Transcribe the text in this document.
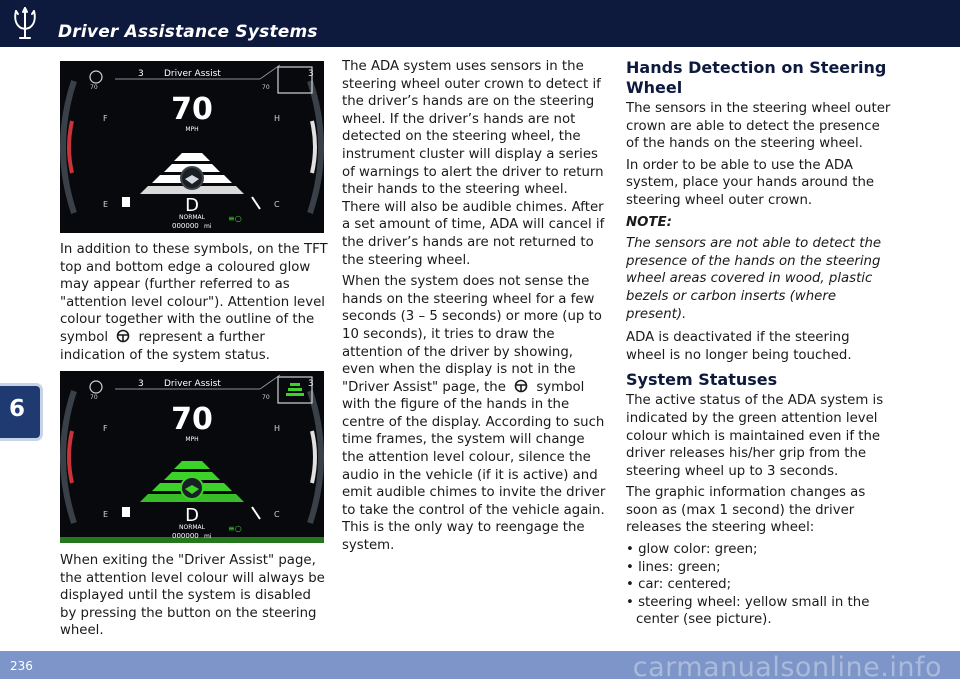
Driver Assistance Systems
6
Driver Assist
3	3
70	70
70
MPH
D
NORMAL
000000 mi
F
E
H
C
≡○
Driver Assist
3	3
70	70
70
MPH
D
NORMAL
000000 mi
F
E
H
C
≡○

In addition to these symbols, on the TFT top and bottom edge a coloured glow may appear (further referred to as "attention level colour"). Attention level colour together with the outline of the symbol represent a further indication of the system status.

When exiting the "Driver Assist" page, the attention level colour will always be displayed until the system is disabled by pressing the button on the steering wheel.

The ADA system uses sensors in the steering wheel outer crown to detect if the driver’s hands are on the steering wheel. If the driver’s hands are not detected on the steering wheel, the instrument cluster will display a series of warnings to alert the driver to return their hands to the steering wheel. There will also be audible chimes. After a set amount of time, ADA will cancel if the driver’s hands are not returned to the steering wheel.

When the system does not sense the hands on the steering wheel for a few seconds (3 – 5 seconds) or more (up to 10 seconds), it tries to draw the attention of the driver by showing, even when the display is not in the "Driver Assist" page, the symbol with the figure of the hands in the centre of the display. According to such time frames, the system will change the attention level colour, silence the audio in the vehicle (if it is active) and emit audible chimes to invite the driver to take the control of the vehicle again. This is the only way to reengage the system.

Hands Detection on Steering Wheel

The sensors in the steering wheel outer crown are able to detect the presence of the hands on the steering wheel.

In order to be able to use the ADA system, place your hands around the steering wheel outer crown.

NOTE:

The sensors are not able to detect the presence of the hands on the steering wheel areas covered in wood, plastic bezels or carbon inserts (where present).

ADA is deactivated if the steering wheel is no longer being touched.

System Statuses

The active status of the ADA system is indicated by the green attention level colour which is maintained even if the driver releases his/her grip from the steering wheel up to 3 seconds.

The graphic information changes as soon as (max 1 second) the driver releases the steering wheel:

• glow color: green;
• lines: green;
• car: centered;
• steering wheel: yellow small in the center (see picture).
236	carmanualsonline.info
